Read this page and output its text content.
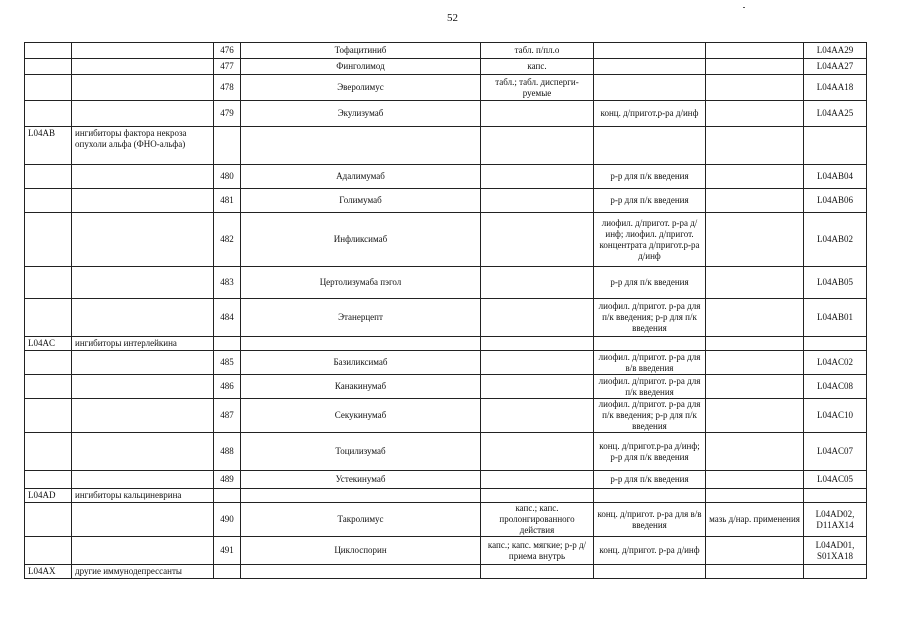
52
		476	Тофацитиниб	табл. п/пл.о			L04AA29
		477	Финголимод	капс.			L04AA27
		478	Эверолимус	табл.; табл. дисперги-руемые			L04AA18
		479	Экулизумаб		конц. д/пригот.р-ра д/инф		L04AA25
L04AB	ингибиторы фактора некроза опухоли альфа (ФНО-альфа)						
		480	Адалимумаб		р-р для п/к введения		L04AB04
		481	Голимумаб		р-р для п/к введения		L04AB06
		482	Инфликсимаб		лиофил. д/пригот. р-ра д/инф; лиофил. д/пригот. концентрата д/пригот.р-ра д/инф		L04AB02
		483	Цертолизумаба пэгол		р-р для п/к введения		L04AB05
		484	Этанерцепт		лиофил. д/пригот. р-ра для п/к введения; р-р для п/к введения		L04AB01
L04AC	ингибиторы интерлейкина						
		485	Базиликсимаб		лиофил. д/пригот. р-ра для в/в введения		L04AC02
		486	Канакинумаб		лиофил. д/пригот. р-ра для п/к введения		L04AC08
		487	Секукинумаб		лиофил. д/пригот. р-ра для п/к введения; р-р для п/к введения		L04AC10
		488	Тоцилизумаб		конц. д/пригот.р-ра д/инф; р-р для п/к введения		L04AC07
		489	Устекинумаб		р-р для п/к введения		L04AC05
L04AD	ингибиторы кальциневрина						
		490	Такролимус	капс.; капс. пролонгированного действия	конц. д/пригот. р-ра для в/в введения	мазь д/нар. применения	L04AD02, D11AX14
		491	Циклоспорин	капс.; капс. мягкие; р-р д/приема внутрь	конц. д/пригот. р-ра д/инф		L04AD01, S01XA18
L04AX	другие иммунодепрессанты						
